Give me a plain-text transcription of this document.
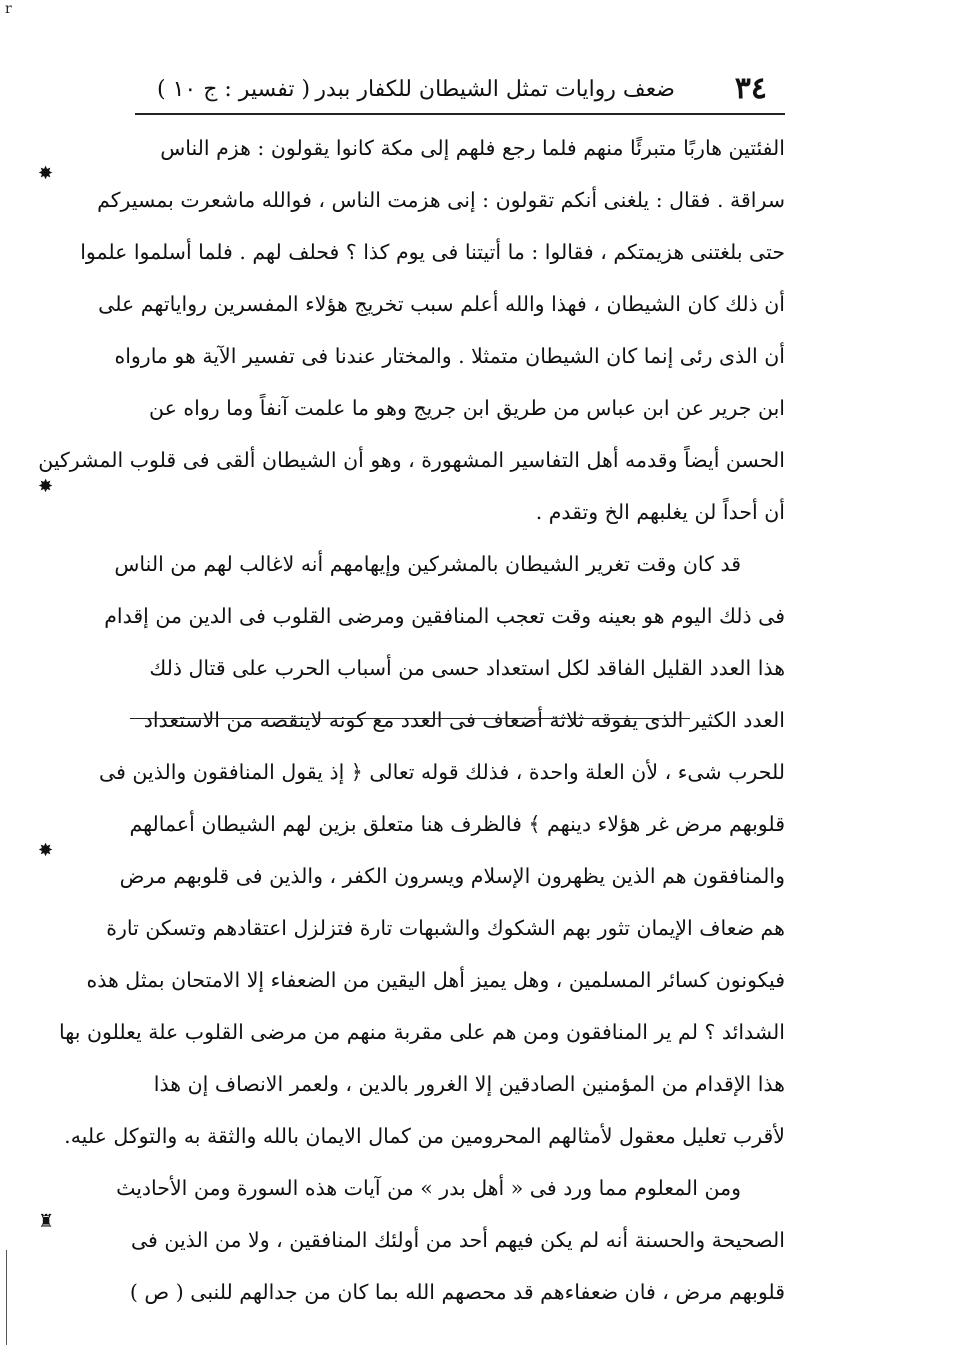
r
٣٤
ضعف روايات تمثل الشيطان للكفار ببدر
( تفسير : ج ١٠ )
الفئتين هاربًا متبرئًا منهم فلما رجع فلهم إلى مكة كانوا يقولون : هزم الناس
سراقة . فقال : يلغنى أنكم تقولون : إنى هزمت الناس ، فوالله ماشعرت بمسيركم
حتى بلغتنى هزيمتكم ، فقالوا : ما أتيتنا فى يوم كذا ؟ فحلف لهم . فلما أسلموا علموا
أن ذلك كان الشيطان ، فهذا والله أعلم سبب تخريج هؤلاء المفسرين رواياتهم على
أن الذى رئى إنما كان الشيطان متمثلا . والمختار عندنا فى تفسير الآية هو مارواه
ابن جرير عن ابن عباس من طريق ابن جريج وهو ما علمت آنفاً وما رواه عن
الحسن أيضاً وقدمه أهل التفاسير المشهورة ، وهو أن الشيطان ألقى فى قلوب المشركين
أن أحداً لن يغلبهم الخ وتقدم .
قد كان وقت تغرير الشيطان بالمشركين وإيهامهم أنه لاغالب لهم من الناس
فى ذلك اليوم هو بعينه وقت تعجب المنافقين ومرضى القلوب فى الدين من إقدام
هذا العدد القليل الفاقد لكل استعداد حسى من أسباب الحرب على قتال ذلك
العدد الكثير الذى يفوقه ثلاثة أضعاف فى العدد مع كونه لاينقصه من الاستعداد
للحرب شىء ، لأن العلة واحدة ، فذلك قوله تعالى ﴿ إذ يقول المنافقون والذين فى
قلوبهم مرض غر هؤلاء دينهم ﴾ فالظرف هنا متعلق بزين لهم الشيطان أعمالهم
والمنافقون هم الذين يظهرون الإسلام ويسرون الكفر ، والذين فى قلوبهم مرض
هم ضعاف الإيمان تثور بهم الشكوك والشبهات تارة فتزلزل اعتقادهم وتسكن تارة
فيكونون كسائر المسلمين ، وهل يميز أهل اليقين من الضعفاء إلا الامتحان بمثل هذه
الشدائد ؟ لم ير المنافقون ومن هم على مقربة منهم من مرضى القلوب علة يعللون بها
هذا الإقدام من المؤمنين الصادقين إلا الغرور بالدين ، ولعمر الانصاف إن هذا
لأقرب تعليل معقول لأمثالهم المحرومين من كمال الايمان بالله والثقة به والتوكل عليه.
ومن المعلوم مما ورد فى « أهل بدر » من آيات هذه السورة ومن الأحاديث
الصحيحة والحسنة أنه لم يكن فيهم أحد من أولئك المنافقين ، ولا من الذين فى
قلوبهم مرض ، فان ضعفاءهم قد محصهم الله بما كان من جدالهم للنبى ( ص )
✸
✸
✸
♜
